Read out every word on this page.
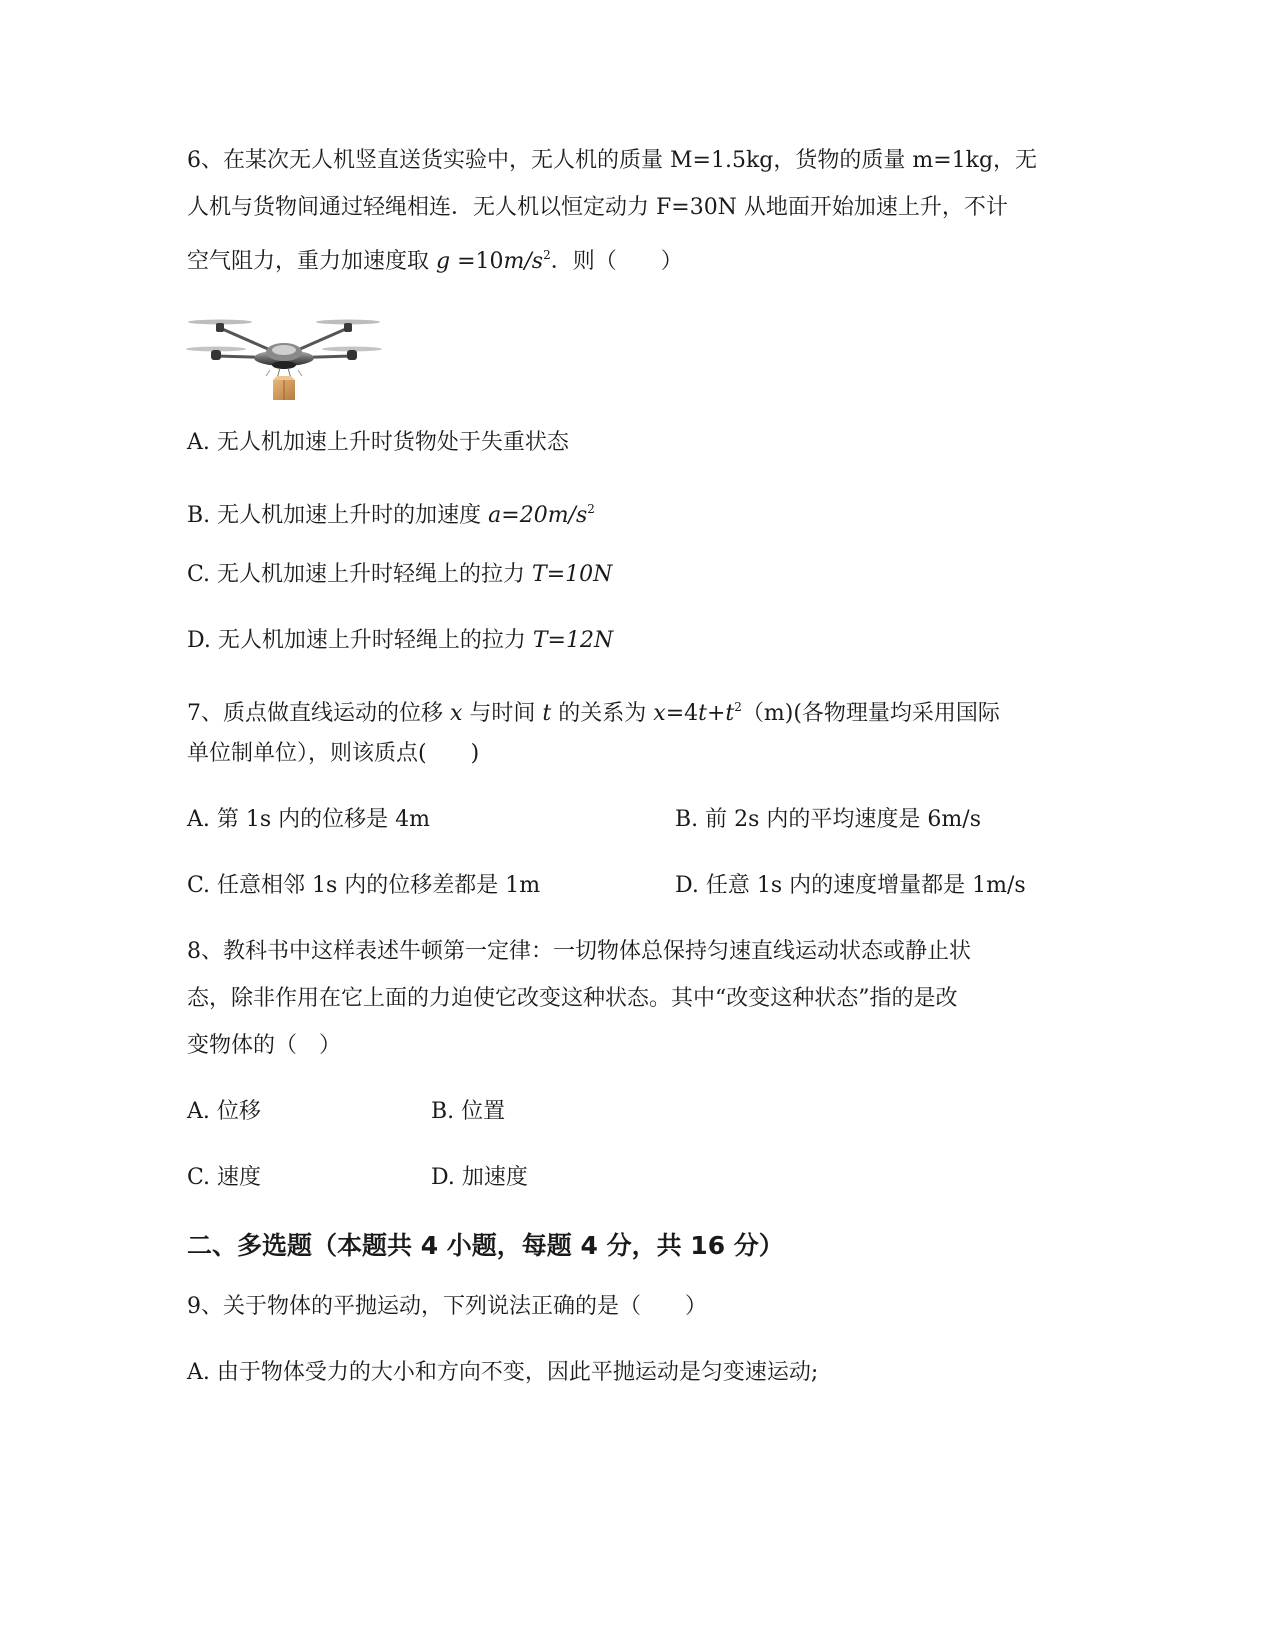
6、在某次无人机竖直送货实验中，无人机的质量 M=1.5kg，货物的质量 m=1kg，无
人机与货物间通过轻绳相连．无人机以恒定动力 F=30N 从地面开始加速上升，不计
空气阻力，重力加速度取 $g =10m/s^2$．则（　　）
A. 无人机加速上升时货物处于失重状态
B. 无人机加速上升时的加速度 $a=20m/s^2$
C. 无人机加速上升时轻绳上的拉力 T=10N
D. 无人机加速上升时轻绳上的拉力 T=12N
7、质点做直线运动的位移 x 与时间 t 的关系为 $x=4t+t^2(m)$(各物理量均采用国际
单位制单位），则该质点(　　)
A. 第 1s 内的位移是 4m	B. 前 2s 内的平均速度是 6m/s
C. 任意相邻 1s 内的位移差都是 1m	D. 任意 1s 内的速度增量都是 1m/s
8、教科书中这样表述牛顿第一定律：一切物体总保持匀速直线运动状态或静止状
态，除非作用在它上面的力迫使它改变这种状态。其中“改变这种状态”指的是改
变物体的（　）
A. 位移	B. 位置
C. 速度	D. 加速度
二、多选题（本题共 4 小题，每题 4 分，共 16 分）
9、关于物体的平抛运动，下列说法正确的是（　　）
A. 由于物体受力的大小和方向不变，因此平抛运动是匀变速运动;
